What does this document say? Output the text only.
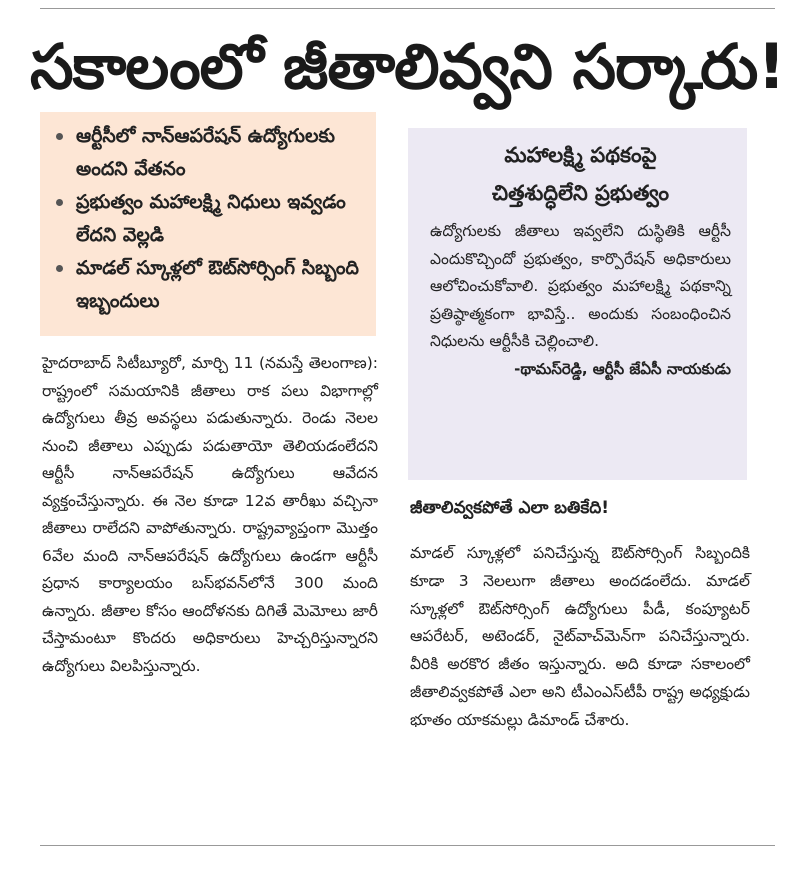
సకాలంలో జీతాలివ్వని సర్కారు!
ఆర్టీసీలో నాన్‌ఆపరేషన్ ఉద్యోగులకు అందని వేతనం
ప్రభుత్వం మహాలక్ష్మి నిధులు ఇవ్వడం లేదని వెల్లడి
మాడల్ స్కూళ్లలో ఔట్‌సోర్సింగ్ సిబ్బంది ఇబ్బందులు

హైదరాబాద్ సిటీబ్యూరో, మార్చి 11 (నమస్తే తెలంగాణ): రాష్ట్రంలో సమయానికి జీతాలు రాక పలు విభాగాల్లో ఉద్యోగులు తీవ్ర అవస్థలు పడుతున్నారు. రెండు నెలల నుంచి జీతాలు ఎప్పుడు పడుతాయో తెలియడంలేదని ఆర్టీసీ నాన్‌ఆపరేషన్ ఉద్యోగులు ఆవేదన వ్యక్తంచేస్తున్నారు. ఈ నెల కూడా 12వ తారీఖు వచ్చినా జీతాలు రాలేదని వాపోతున్నారు. రాష్ట్రవ్యాప్తంగా మొత్తం 6వేల మంది నాన్‌ఆపరేషన్ ఉద్యోగులు ఉండగా ఆర్టీసీ ప్రధాన కార్యాలయం బస్‌భవన్‌లోనే 300 మంది ఉన్నారు. జీతాల కోసం ఆందోళనకు దిగితే మెమోలు జారీ చేస్తామంటూ కొందరు అధికారులు హెచ్చరిస్తున్నారని ఉద్యోగులు విలపిస్తున్నారు.

మహాలక్ష్మి పథకంపై
చిత్తశుద్ధిలేని ప్రభుత్వం

ఉద్యోగులకు జీతాలు ఇవ్వలేని దుస్థితికి ఆర్టీసీ ఎందుకొచ్చిందో ప్రభుత్వం, కార్పొరేషన్ అధికారులు ఆలోచించుకోవాలి. ప్రభుత్వం మహాలక్ష్మి పథకాన్ని ప్రతిష్ఠాత్మకంగా భావిస్తే.. అందుకు సంబంధించిన నిధులను ఆర్టీసీకి చెల్లించాలి.

-థామస్‌రెడ్డి, ఆర్టీసీ జేఏసీ నాయకుడు
జీతాలివ్వకపోతే ఎలా బతికేది!

మాడల్ స్కూళ్లలో పనిచేస్తున్న ఔట్‌సోర్సింగ్ సిబ్బందికి కూడా 3 నెలలుగా జీతాలు అందడంలేదు. మాడల్ స్కూళ్లలో ఔట్‌సోర్సింగ్ ఉద్యోగులు పీడీ, కంప్యూటర్ ఆపరేటర్, అటెండర్, నైట్‌వాచ్‌మెన్‌గా పనిచేస్తున్నారు. వీరికి అరకొర జీతం ఇస్తున్నారు. అది కూడా సకాలంలో జీతాలివ్వకపోతే ఎలా అని టీఎంఎస్‌టీపీ రాష్ట్ర అధ్యక్షుడు భూతం యాకమల్లు డిమాండ్ చేశారు.
